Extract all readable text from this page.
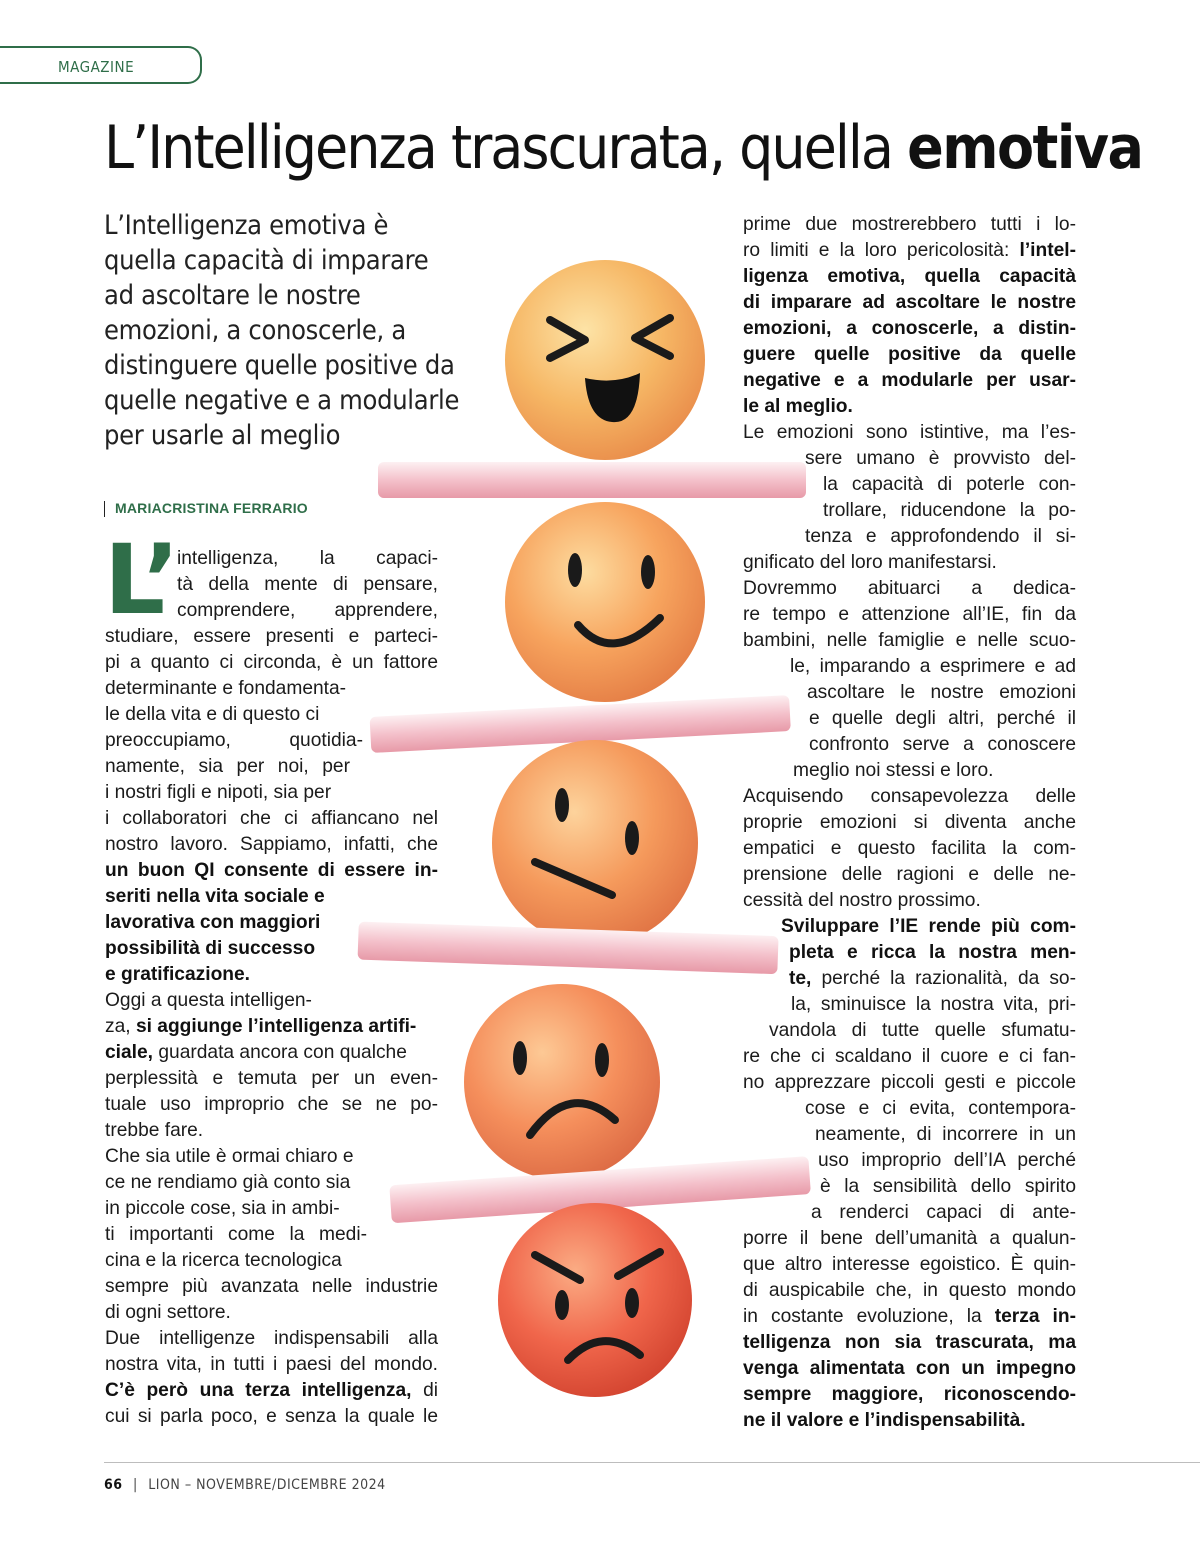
MAGAZINE
L’Intelligenza trascurata, quella emotiva

L’Intelligenza emotiva è quella capacità di imparare ad ascoltare le nostre emozioni, a conoscerle, a distinguere quelle positive da quelle negative e a modularle per usarle al meglio

MARIACRISTINA FERRARIO
L’
intelligenza, la capaci-
tà della mente di pensare,
comprendere, apprendere,
studiare, essere presenti e parteci-
pi a quanto ci circonda, è un fattore
determinante e fondamenta-
le della vita e di questo ci
preoccupiamo, quotidia-
namente, sia per noi, per
i nostri figli e nipoti, sia per
i collaboratori che ci affiancano nel
nostro lavoro. Sappiamo, infatti, che
un buon QI consente di essere in-
seriti nella vita sociale e
lavorativa con maggiori
possibilità di successo
e gratificazione.
Oggi a questa intelligen-
za, si aggiunge l’intelligenza artifi-
ciale, guardata ancora con qualche
perplessità e temuta per un even-
tuale uso improprio che se ne po-
trebbe fare.
Che sia utile è ormai chiaro e
ce ne rendiamo già conto sia
in piccole cose, sia in ambi-
ti importanti come la medi-
cina e la ricerca tecnologica
sempre più avanzata nelle industrie
di ogni settore.
Due intelligenze indispensabili alla
nostra vita, in tutti i paesi del mondo.
C’è però una terza intelligenza, di
cui si parla poco, e senza la quale le
prime due mostrerebbero tutti i lo-
ro limiti e la loro pericolosità: l’intel-
ligenza emotiva, quella capacità
di imparare ad ascoltare le nostre
emozioni, a conoscerle, a distin-
guere quelle positive da quelle
negative e a modularle per usar-
le al meglio.
Le emozioni sono istintive, ma l’es-
sere umano è provvisto del-
la capacità di poterle con-
trollare, riducendone la po-
tenza e approfondendo il si-
gnificato del loro manifestarsi.
Dovremmo abituarci a dedica-
re tempo e attenzione all’IE, fin da
bambini, nelle famiglie e nelle scuo-
le, imparando a esprimere e ad
ascoltare le nostre emozioni
e quelle degli altri, perché il
confronto serve a conoscere
meglio noi stessi e loro.
Acquisendo consapevolezza delle
proprie emozioni si diventa anche
empatici e questo facilita la com-
prensione delle ragioni e delle ne-
cessità del nostro prossimo.
Sviluppare l’IE rende più com-
pleta e ricca la nostra men-
te, perché la razionalità, da so-
la, sminuisce la nostra vita, pri-
vandola di tutte quelle sfumatu-
re che ci scaldano il cuore e ci fan-
no apprezzare piccoli gesti e piccole
cose e ci evita, contempora-
neamente, di incorrere in un
uso improprio dell’IA perché
è la sensibilità dello spirito
a renderci capaci di ante-
porre il bene dell’umanità a qualun-
que altro interesse egoistico. È quin-
di auspicabile che, in questo mondo
in costante evoluzione, la terza in-
telligenza non sia trascurata, ma
venga alimentata con un impegno
sempre maggiore, riconoscendo-
ne il valore e l’indispensabilità.
66 | LION – NOVEMBRE/DICEMBRE 2024
